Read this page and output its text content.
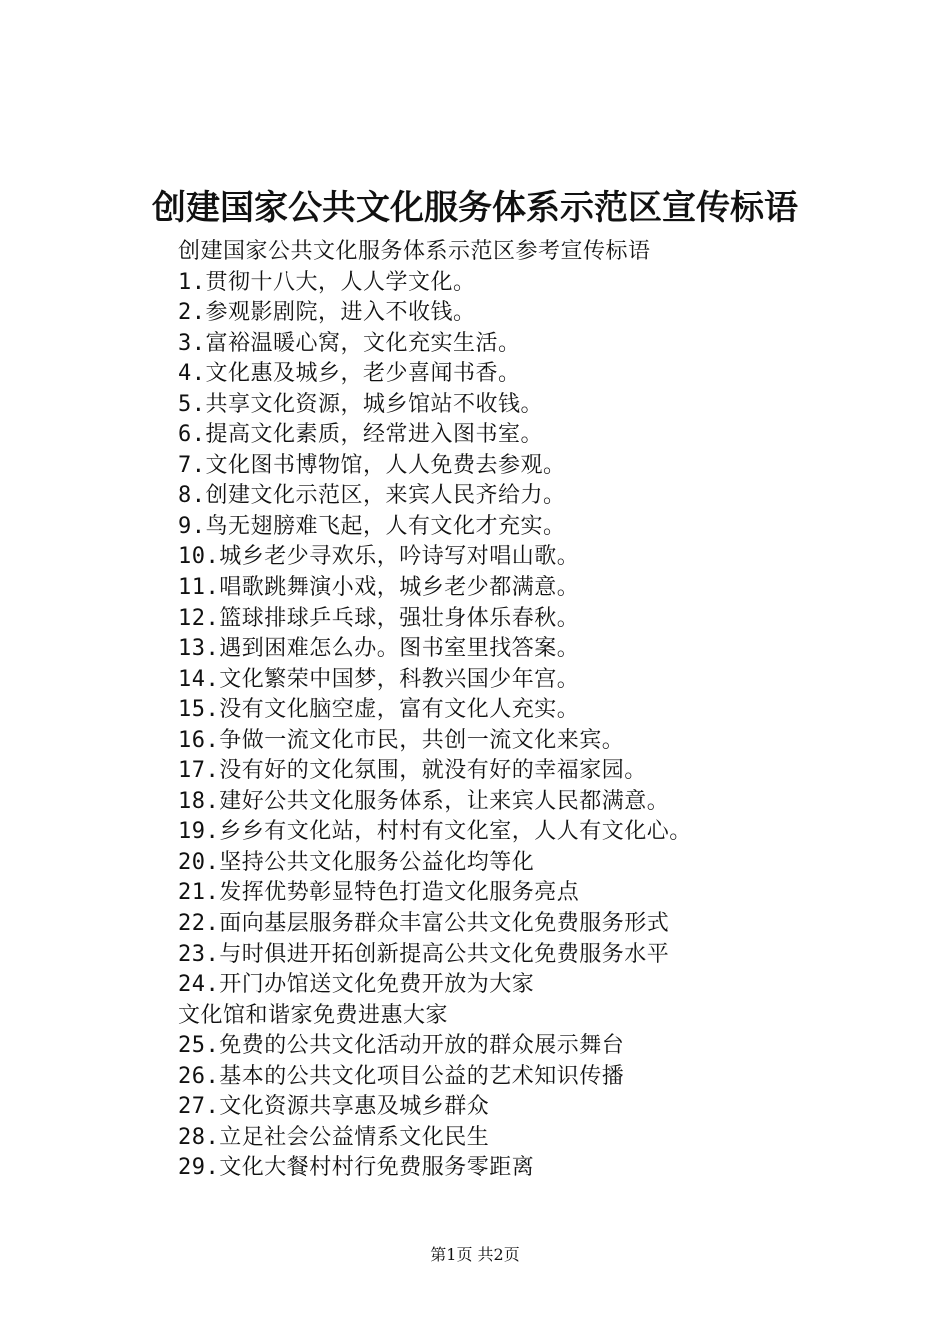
创建国家公共文化服务体系示范区宣传标语
创建国家公共文化服务体系示范区参考宣传标语
1.贯彻十八大，人人学文化。
2.参观影剧院，进入不收钱。
3.富裕温暖心窝，文化充实生活。
4.文化惠及城乡，老少喜闻书香。
5.共享文化资源，城乡馆站不收钱。
6.提高文化素质，经常进入图书室。
7.文化图书博物馆，人人免费去参观。
8.创建文化示范区，来宾人民齐给力。
9.鸟无翅膀难飞起，人有文化才充实。
10.城乡老少寻欢乐，吟诗写对唱山歌。
11.唱歌跳舞演小戏，城乡老少都满意。
12.篮球排球乒乓球，强壮身体乐春秋。
13.遇到困难怎么办。图书室里找答案。
14.文化繁荣中国梦，科教兴国少年宫。
15.没有文化脑空虚，富有文化人充实。
16.争做一流文化市民，共创一流文化来宾。
17.没有好的文化氛围，就没有好的幸福家园。
18.建好公共文化服务体系，让来宾人民都满意。
19.乡乡有文化站，村村有文化室，人人有文化心。
20.坚持公共文化服务公益化均等化
21.发挥优势彰显特色打造文化服务亮点
22.面向基层服务群众丰富公共文化免费服务形式
23.与时俱进开拓创新提高公共文化免费服务水平
24.开门办馆送文化免费开放为大家
文化馆和谐家免费进惠大家
25.免费的公共文化活动开放的群众展示舞台
26.基本的公共文化项目公益的艺术知识传播
27.文化资源共享惠及城乡群众
28.立足社会公益情系文化民生
29.文化大餐村村行免费服务零距离
第1页 共2页
